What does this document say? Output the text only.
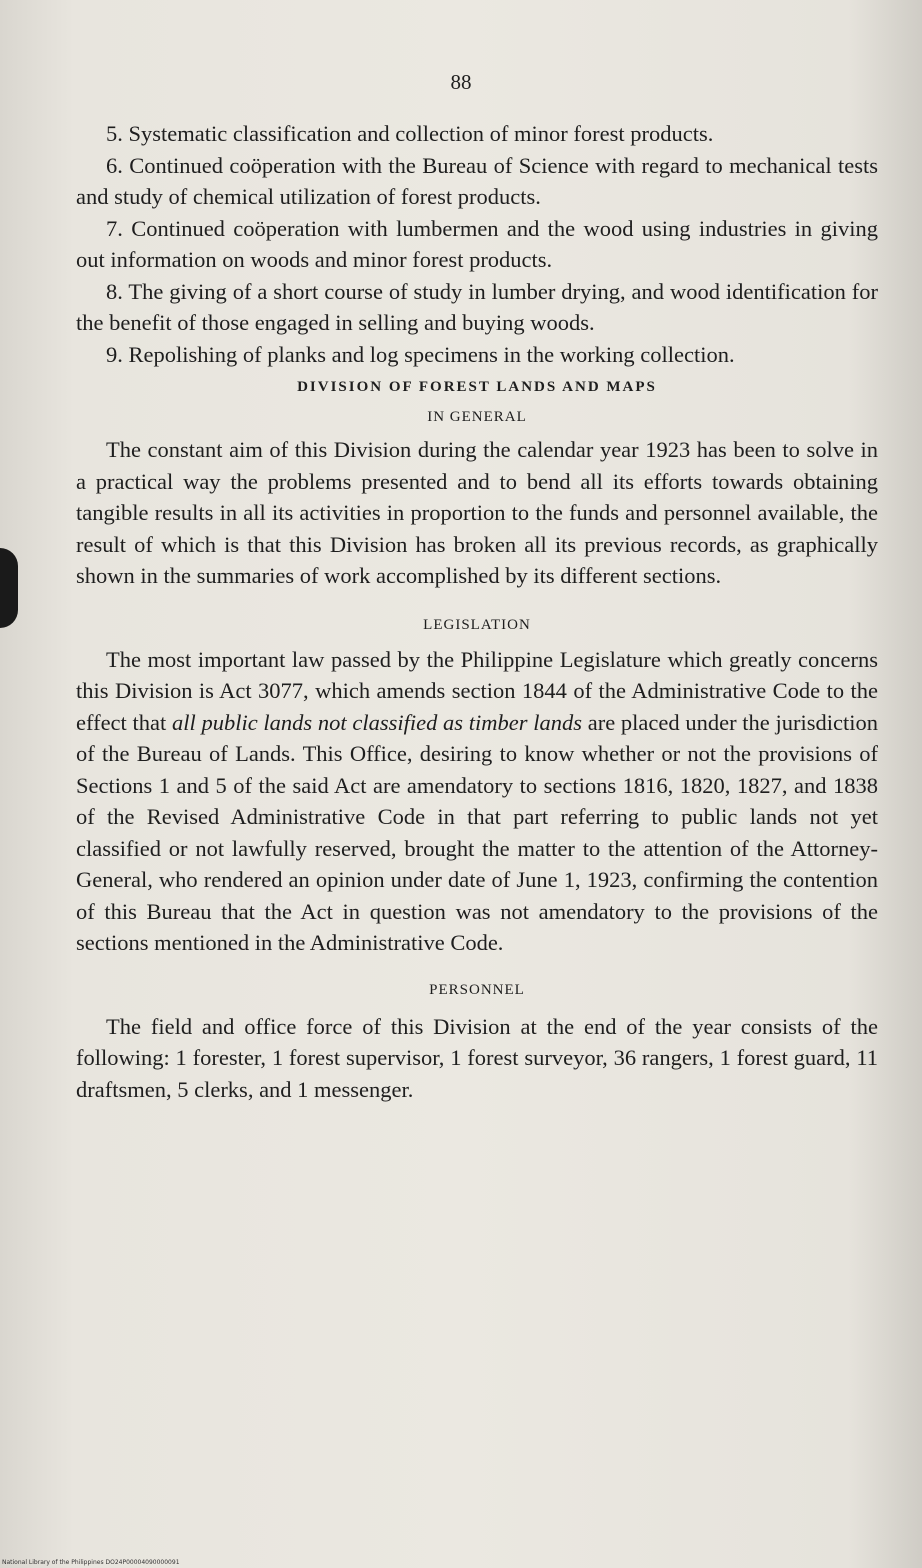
88

5. Systematic classification and collection of minor forest products.

6. Continued coöperation with the Bureau of Science with regard to mechanical tests and study of chemical utilization of forest products.

7. Continued coöperation with lumbermen and the wood using industries in giving out information on woods and minor forest products.

8. The giving of a short course of study in lumber drying, and wood identification for the benefit of those engaged in selling and buying woods.

9. Repolishing of planks and log specimens in the working collection.

DIVISION OF FOREST LANDS AND MAPS
IN GENERAL

The constant aim of this Division during the calendar year 1923 has been to solve in a practical way the problems presented and to bend all its efforts towards obtaining tangible results in all its activities in proportion to the funds and personnel available, the result of which is that this Division has broken all its previous records, as graphically shown in the summaries of work accomplished by its different sections.

LEGISLATION

The most important law passed by the Philippine Legislature which greatly concerns this Division is Act 3077, which amends section 1844 of the Administrative Code to the effect that all public lands not classified as timber lands are placed under the jurisdiction of the Bureau of Lands. This Office, desiring to know whether or not the provisions of Sections 1 and 5 of the said Act are amendatory to sections 1816, 1820, 1827, and 1838 of the Revised Administrative Code in that part referring to public lands not yet classified or not lawfully reserved, brought the matter to the attention of the Attorney-General, who rendered an opinion under date of June 1, 1923, confirming the contention of this Bureau that the Act in question was not amendatory to the provisions of the sections mentioned in the Administrative Code.

PERSONNEL

The field and office force of this Division at the end of the year consists of the following: 1 forester, 1 forest supervisor, 1 forest surveyor, 36 rangers, 1 forest guard, 11 draftsmen, 5 clerks, and 1 messenger.

National Library of the Philippines DO24P00004090000091
